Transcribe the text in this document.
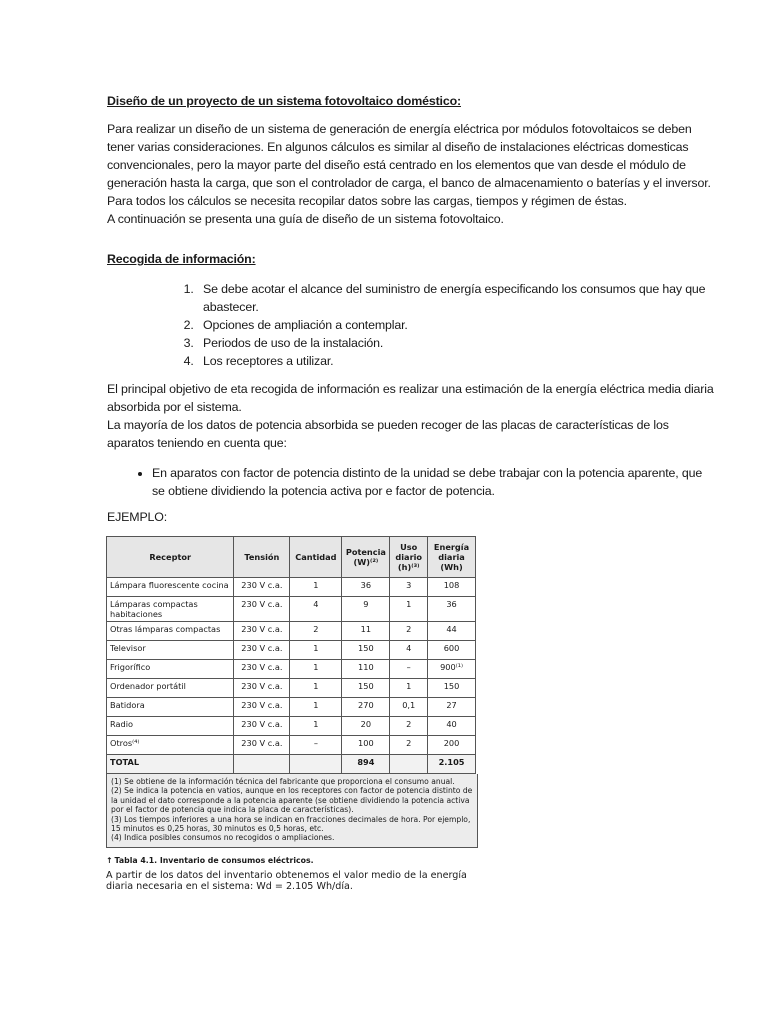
Diseño de un proyecto de un sistema fotovoltaico doméstico:

Para realizar un diseño de un sistema de generación de energía eléctrica por módulos fotovoltaicos se deben tener varias consideraciones. En algunos cálculos es similar al diseño de instalaciones eléctricas domesticas convencionales, pero la mayor parte del diseño está centrado en los elementos que van desde el módulo de generación hasta la carga, que son el controlador de carga, el banco de almacenamiento o baterías y el inversor. Para todos los cálculos se necesita recopilar datos sobre las cargas, tiempos y régimen de éstas.

A continuación se presenta una guía de diseño de un sistema fotovoltaico.

Recogida de información:

1. Se debe acotar el alcance del suministro de energía especificando los consumos que hay que abastecer.
2. Opciones de ampliación a contemplar.
3. Periodos de uso de la instalación.
4. Los receptores a utilizar.

El principal objetivo de eta recogida de información es realizar una estimación de la energía eléctrica media diaria absorbida por el sistema.

La mayoría de los datos de potencia absorbida se pueden recoger de las placas de características de los aparatos teniendo en cuenta que:

• En aparatos con factor de potencia distinto de la unidad se debe trabajar con la potencia aparente, que se obtiene dividiendo la potencia activa por e factor de potencia.

EJEMPLO:

Receptor	Tensión	Cantidad	Potencia (W)⁽²⁾	Uso diario (h)⁽³⁾	Energía diaria (Wh)
Lámpara fluorescente cocina	230 V c.a.	1	36	3	108
Lámparas compactas habitaciones	230 V c.a.	4	9	1	36
Otras lámparas compactas	230 V c.a.	2	11	2	44
Televisor	230 V c.a.	1	150	4	600
Frigorífico	230 V c.a.	1	110	–	900⁽¹⁾
Ordenador portátil	230 V c.a.	1	150	1	150
Batidora	230 V c.a.	1	270	0,1	27
Radio	230 V c.a.	1	20	2	40
Otros⁽⁴⁾	230 V c.a.	–	100	2	200
TOTAL			894		2.105
(1) Se obtiene de la información técnica del fabricante que proporciona el consumo anual.
(2) Se indica la potencia en vatios, aunque en los receptores con factor de potencia distinto de la unidad el dato corresponde a la potencia aparente (se obtiene dividiendo la potencia activa por el factor de potencia que indica la placa de características).
(3) Los tiempos inferiores a una hora se indican en fracciones decimales de hora. Por ejemplo, 15 minutos es 0,25 horas, 30 minutos es 0,5 horas, etc.
(4) Indica posibles consumos no recogidos o ampliaciones.
↑ Tabla 4.1. Inventario de consumos eléctricos.
A partir de los datos del inventario obtenemos el valor medio de la energía diaria necesaria en el sistema: Wd = 2.105 Wh/día.
